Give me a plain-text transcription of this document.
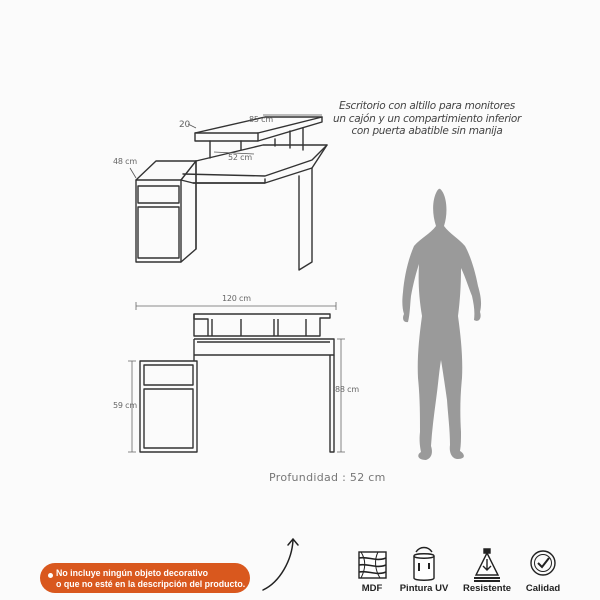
20
85 cm
48 cm	52 cm
120 cm
88 cm
59 cm
Escritorio con altillo para monitores
un cajón y un compartimiento inferior
con puerta abatible sin manija
Profundidad : 52 cm
No incluye ningún objeto decorativo
o que no esté en la descripción del producto.	MDF	Pintura UV	Resistente	Calidad
